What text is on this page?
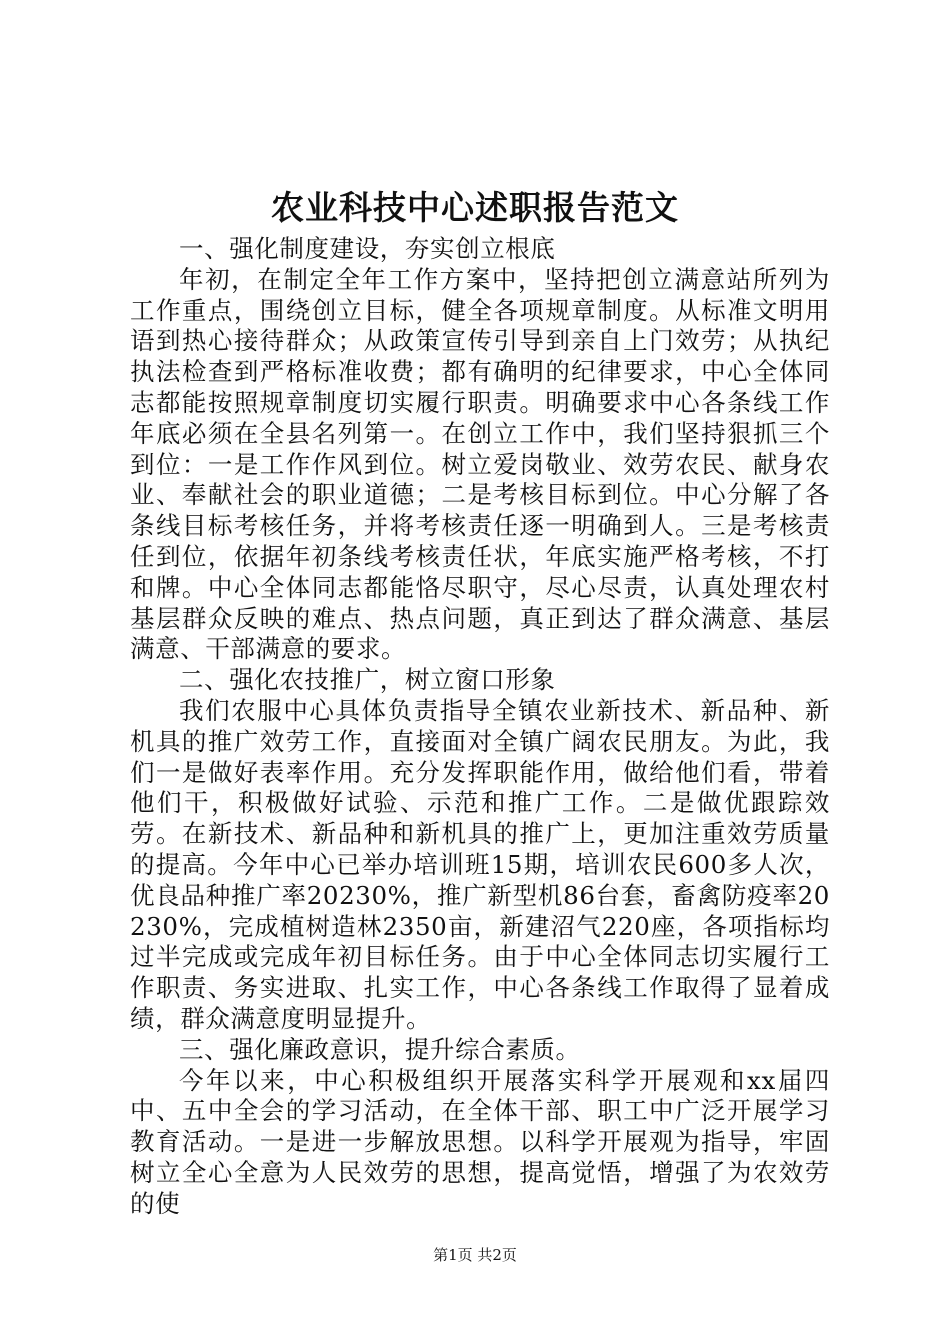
农业科技中心述职报告范文

一、强化制度建设，夯实创立根底

年初，在制定全年工作方案中，坚持把创立满意站所列为工作重点，围绕创立目标，健全各项规章制度。从标准文明用语到热心接待群众；从政策宣传引导到亲自上门效劳；从执纪执法检查到严格标准收费；都有确明的纪律要求，中心全体同志都能按照规章制度切实履行职责。明确要求中心各条线工作年底必须在全县名列第一。在创立工作中，我们坚持狠抓三个到位：一是工作作风到位。树立爱岗敬业、效劳农民、献身农业、奉献社会的职业道德；二是考核目标到位。中心分解了各条线目标考核任务，并将考核责任逐一明确到人。三是考核责任到位，依据年初条线考核责任状，年底实施严格考核，不打和牌。中心全体同志都能恪尽职守，尽心尽责，认真处理农村基层群众反映的难点、热点问题，真正到达了群众满意、基层满意、干部满意的要求。

二、强化农技推广，树立窗口形象

我们农服中心具体负责指导全镇农业新技术、新品种、新机具的推广效劳工作，直接面对全镇广阔农民朋友。为此，我们一是做好表率作用。充分发挥职能作用，做给他们看，带着他们干，积极做好试验、示范和推广工作。二是做优跟踪效劳。在新技术、新品种和新机具的推广上，更加注重效劳质量的提高。今年中心已举办培训班15期，培训农民600多人次，优良品种推广率20230%，推广新型机86台套，畜禽防疫率20230%，完成植树造林2350亩，新建沼气220座，各项指标均过半完成或完成年初目标任务。由于中心全体同志切实履行工作职责、务实进取、扎实工作，中心各条线工作取得了显着成绩，群众满意度明显提升。

三、强化廉政意识，提升综合素质。

今年以来，中心积极组织开展落实科学开展观和xx届四中、五中全会的学习活动，在全体干部、职工中广泛开展学习教育活动。一是进一步解放思想。以科学开展观为指导，牢固树立全心全意为人民效劳的思想，提高觉悟，增强了为农效劳的使

第1页 共2页
